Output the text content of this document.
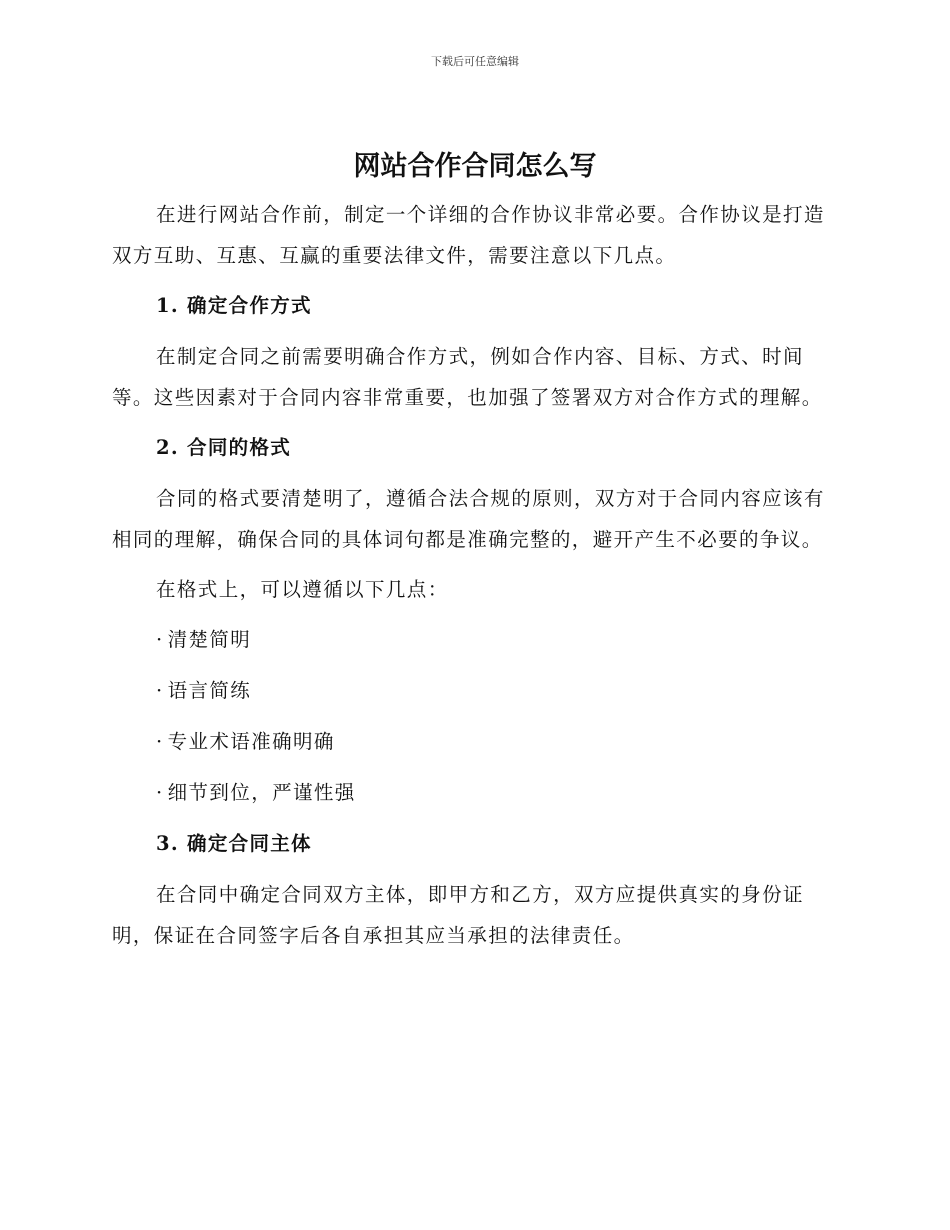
下载后可任意编辑
网站合作合同怎么写

在进行网站合作前，制定一个详细的合作协议非常必要。合作协议是打造双方互助、互惠、互赢的重要法律文件，需要注意以下几点。

1. 确定合作方式

在制定合同之前需要明确合作方式，例如合作内容、目标、方式、时间等。这些因素对于合同内容非常重要，也加强了签署双方对合作方式的理解。

2. 合同的格式

合同的格式要清楚明了，遵循合法合规的原则，双方对于合同内容应该有相同的理解，确保合同的具体词句都是准确完整的，避开产生不必要的争议。

在格式上，可以遵循以下几点：

· 清楚简明
· 语言简练
· 专业术语准确明确
· 细节到位，严谨性强
3. 确定合同主体

在合同中确定合同双方主体，即甲方和乙方，双方应提供真实的身份证明，保证在合同签字后各自承担其应当承担的法律责任。
